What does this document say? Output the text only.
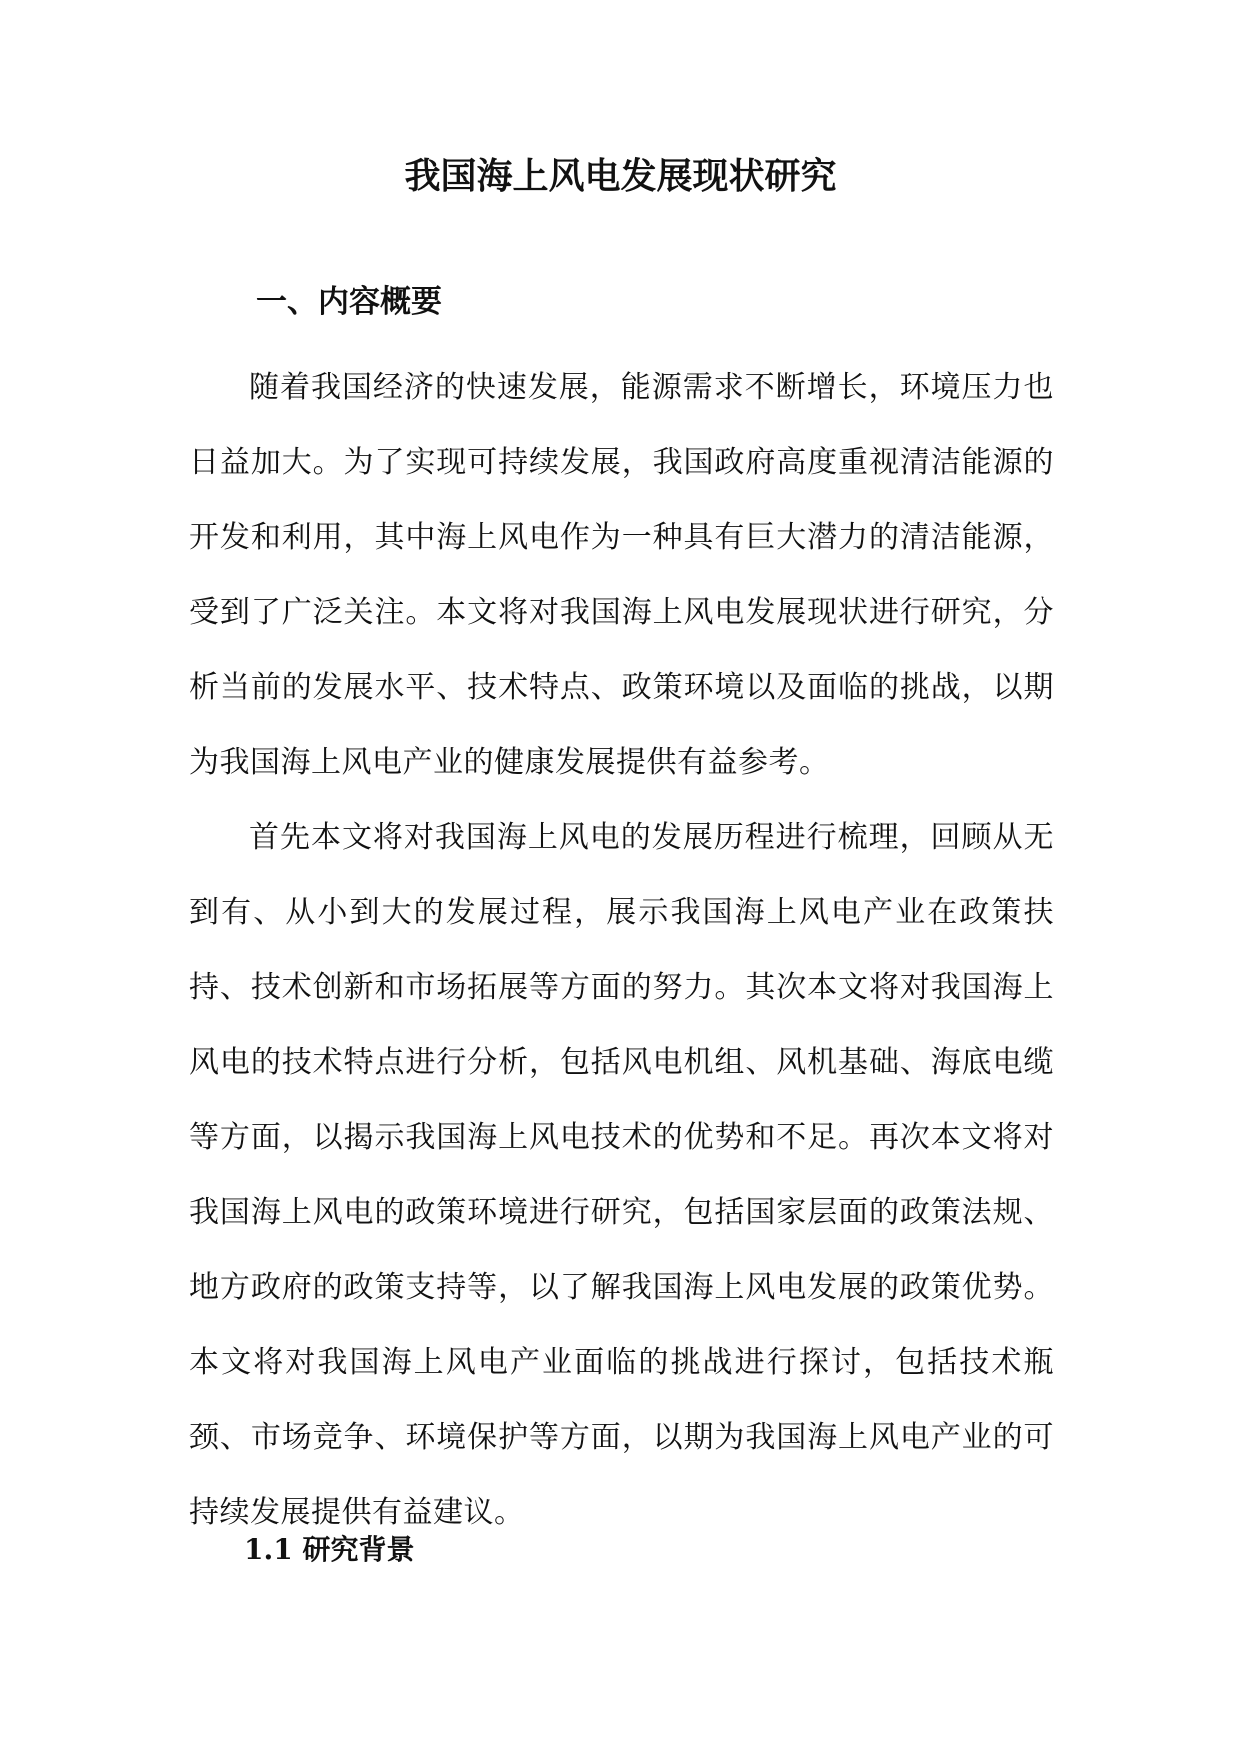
我国海上风电发展现状研究
一、内容概要

随着我国经济的快速发展，能源需求不断增长，环境压力也日益加大。为了实现可持续发展，我国政府高度重视清洁能源的开发和利用，其中海上风电作为一种具有巨大潜力的清洁能源，受到了广泛关注。本文将对我国海上风电发展现状进行研究，分析当前的发展水平、技术特点、政策环境以及面临的挑战，以期为我国海上风电产业的健康发展提供有益参考。

首先本文将对我国海上风电的发展历程进行梳理，回顾从无到有、从小到大的发展过程，展示我国海上风电产业在政策扶持、技术创新和市场拓展等方面的努力。其次本文将对我国海上风电的技术特点进行分析，包括风电机组、风机基础、海底电缆等方面，以揭示我国海上风电技术的优势和不足。再次本文将对我国海上风电的政策环境进行研究，包括国家层面的政策法规、地方政府的政策支持等，以了解我国海上风电发展的政策优势。本文将对我国海上风电产业面临的挑战进行探讨，包括技术瓶颈、市场竞争、环境保护等方面，以期为我国海上风电产业的可持续发展提供有益建议。

1.1 研究背景
